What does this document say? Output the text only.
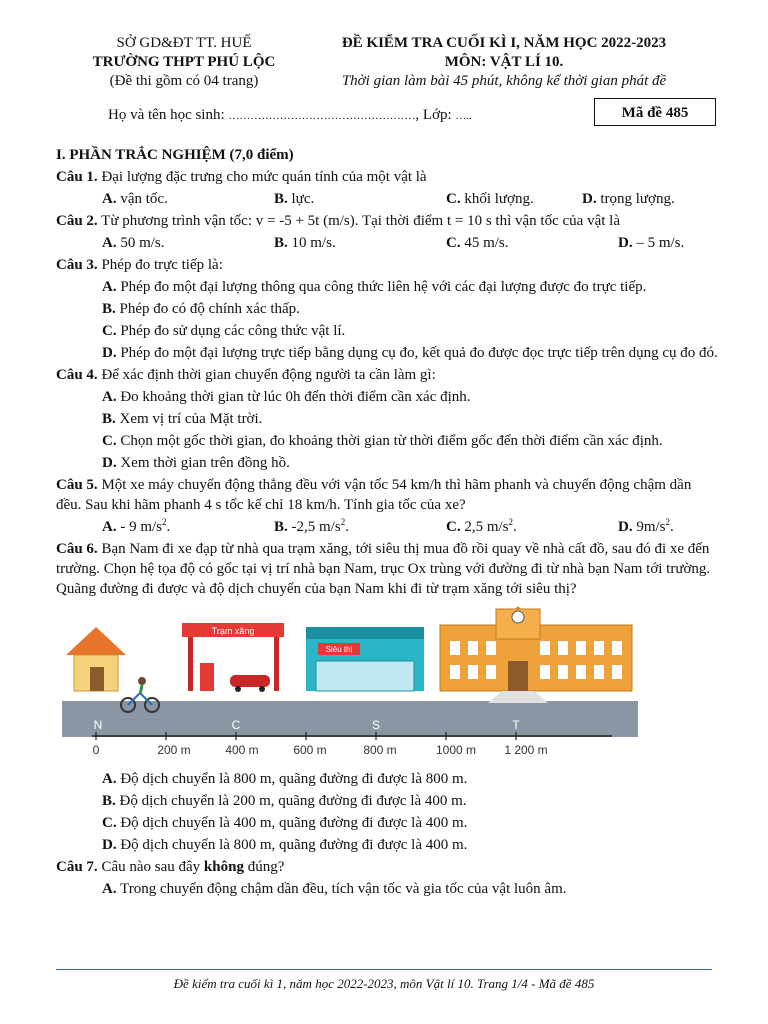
SỞ GD&ĐT TT. HUẾ
TRƯỜNG THPT PHÚ LỘC
(Đề thi gồm có 04 trang)
ĐỀ KIỂM TRA CUỐI KÌ I, NĂM HỌC 2022-2023
MÔN: VẬT LÍ 10.
Thời gian làm bài 45 phút, không kể thời gian phát đề
Họ và tên học sinh: ……………………………………………, Lớp: …..	Mã đề 485
I. PHẦN TRẮC NGHIỆM (7,0 điểm)
Câu 1. Đại lượng đặc trưng cho mức quán tính của một vật là
A. vận tốc.	B. lực.	C. khối lượng.	D. trọng lượng.
Câu 2. Từ phương trình vận tốc: v = -5 + 5t (m/s). Tại thời điểm t = 10 s thì vận tốc của vật là
A. 50 m/s.	B. 10 m/s.	C. 45 m/s.	D. – 5 m/s.
Câu 3. Phép đo trực tiếp là:
A. Phép đo một đại lượng thông qua công thức liên hệ với các đại lượng được đo trực tiếp.
B. Phép đo có độ chính xác thấp.
C. Phép đo sử dụng các công thức vật lí.
D. Phép đo một đại lượng trực tiếp bằng dụng cụ đo, kết quả đo được đọc trực tiếp trên dụng cụ đo đó.
Câu 4. Để xác định thời gian chuyển động người ta cần làm gì:
A. Đo khoảng thời gian từ lúc 0h đến thời điểm cần xác định.
B. Xem vị trí của Mặt trời.
C. Chọn một gốc thời gian, đo khoảng thời gian từ thời điểm gốc đến thời điểm cần xác định.
D. Xem thời gian trên đồng hồ.
Câu 5. Một xe máy chuyển động thẳng đều với vận tốc 54 km/h thì hãm phanh và chuyển động chậm dần đều. Sau khi hãm phanh 4 s tốc kế chỉ 18 km/h. Tính gia tốc của xe?
A. - 9 $m/s^2$.	B. -2,5 $m/s^2$.	C. 2,5 $m/s^2$.	D. $9m/s^2$.
Câu 6. Bạn Nam đi xe đạp từ nhà qua trạm xăng, tới siêu thị mua đồ rồi quay về nhà cất đồ, sau đó đi xe đến trường. Chọn hệ tọa độ có gốc tại vị trí nhà bạn Nam, trục Ox trùng với đường đi từ nhà bạn Nam tới trường. Quãng đường đi được và độ dịch chuyển của bạn Nam khi đi từ trạm xăng tới siêu thị?
Trạm xăng
Siêu thị
N	C	S	T
0	200 m	400 m	600 m	800 m	1000 m 1 200 m
A. Độ dịch chuyển là 800 m, quãng đường đi được là 800 m.
B. Độ dịch chuyển là 200 m, quãng đường đi được là 400 m.
C. Độ dịch chuyển là 400 m, quãng đường đi được là 400 m.
D. Độ dịch chuyển là 800 m, quãng đường đi được là 400 m.
Câu 7. Câu nào sau đây không đúng?
A. Trong chuyển động chậm dần đều, tích vận tốc và gia tốc của vật luôn âm.
Đề kiểm tra cuối kì 1, năm học 2022-2023, môn Vật lí 10. Trang 1/4 - Mã đề 485
